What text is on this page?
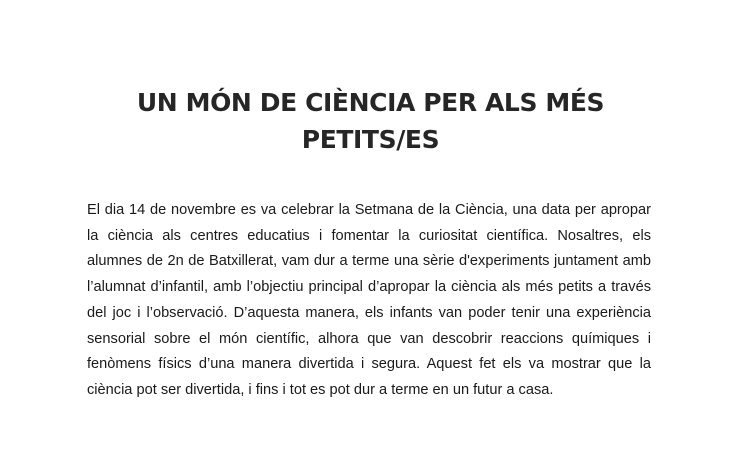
UN MÓN DE CIÈNCIA PER ALS MÉS
PETITS/ES

El dia 14 de novembre es va celebrar la Setmana de la Ciència, una data per apropar la ciència als centres educatius i fomentar la curiositat científica. Nosaltres, els alumnes de 2n de Batxillerat, vam dur a terme una sèrie d'experiments juntament amb l’alumnat d’infantil, amb l’objectiu principal d’apropar la ciència als més petits a través del joc i l’observació. D’aquesta manera, els infants van poder tenir una experiència sensorial sobre el món científic, alhora que van descobrir reaccions químiques i fenòmens físics d’una manera divertida i segura. Aquest fet els va mostrar que la ciència pot ser divertida, i fins i tot es pot dur a terme en un futur a casa.
